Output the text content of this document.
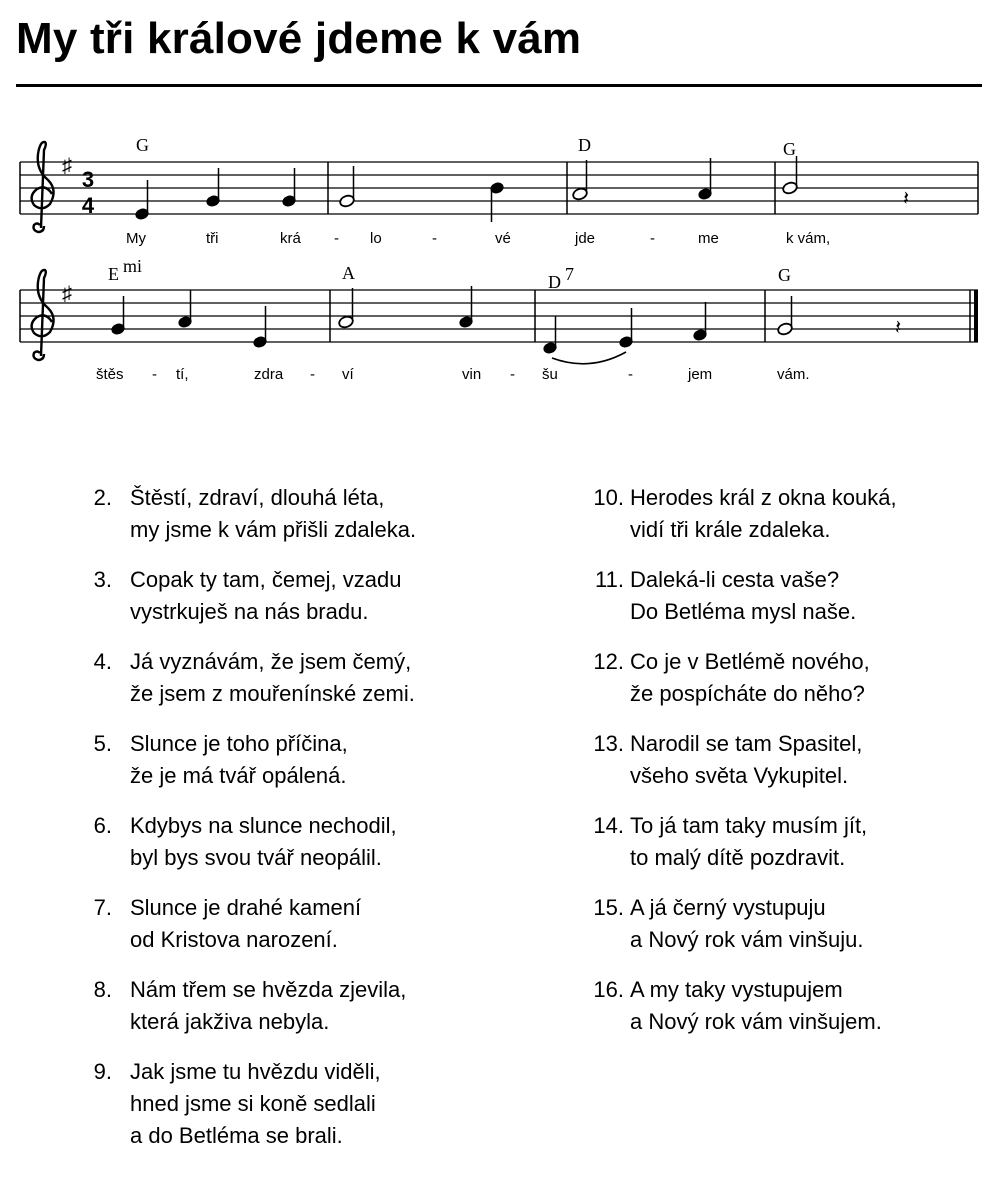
My tři králové jdeme k vám
♯
3
4	𝄽
G	D	G
My	tři	krá - lo	-	vé	jde	-	me	k vám,
♯
𝄽
E mi	A	D 7	G
štěs - tí,	zdra - ví	vin - šu	-	jem	vám.
2. Štěstí, zdraví, dlouhá léta,
my jsme k vám přišli zdaleka.
3. Copak ty tam, čemej, vzadu
vystrkuješ na nás bradu.
4. Já vyznávám, že jsem čemý,
že jsem z mouřenínské zemi.
5. Slunce je toho příčina,
že je má tvář opálená.
6. Kdybys na slunce nechodil,
byl bys svou tvář neopálil.
7. Slunce je drahé kamení
od Kristova narození.
8. Nám třem se hvězda zjevila,
která jakživa nebyla.
9. Jak jsme tu hvězdu viděli,
hned jsme si koně sedlali
a do Betléma se brali.
10. Herodes král z okna kouká,
vidí tři krále zdaleka.
11. Daleká-li cesta vaše?
Do Betléma mysl naše.
12. Co je v Betlémě nového,
že pospícháte do něho?
13. Narodil se tam Spasitel,
všeho světa Vykupitel.
14. To já tam taky musím jít,
to malý dítě pozdravit.
15. A já černý vystupuju
a Nový rok vám vinšuju.
16. A my taky vystupujem
a Nový rok vám vinšujem.
